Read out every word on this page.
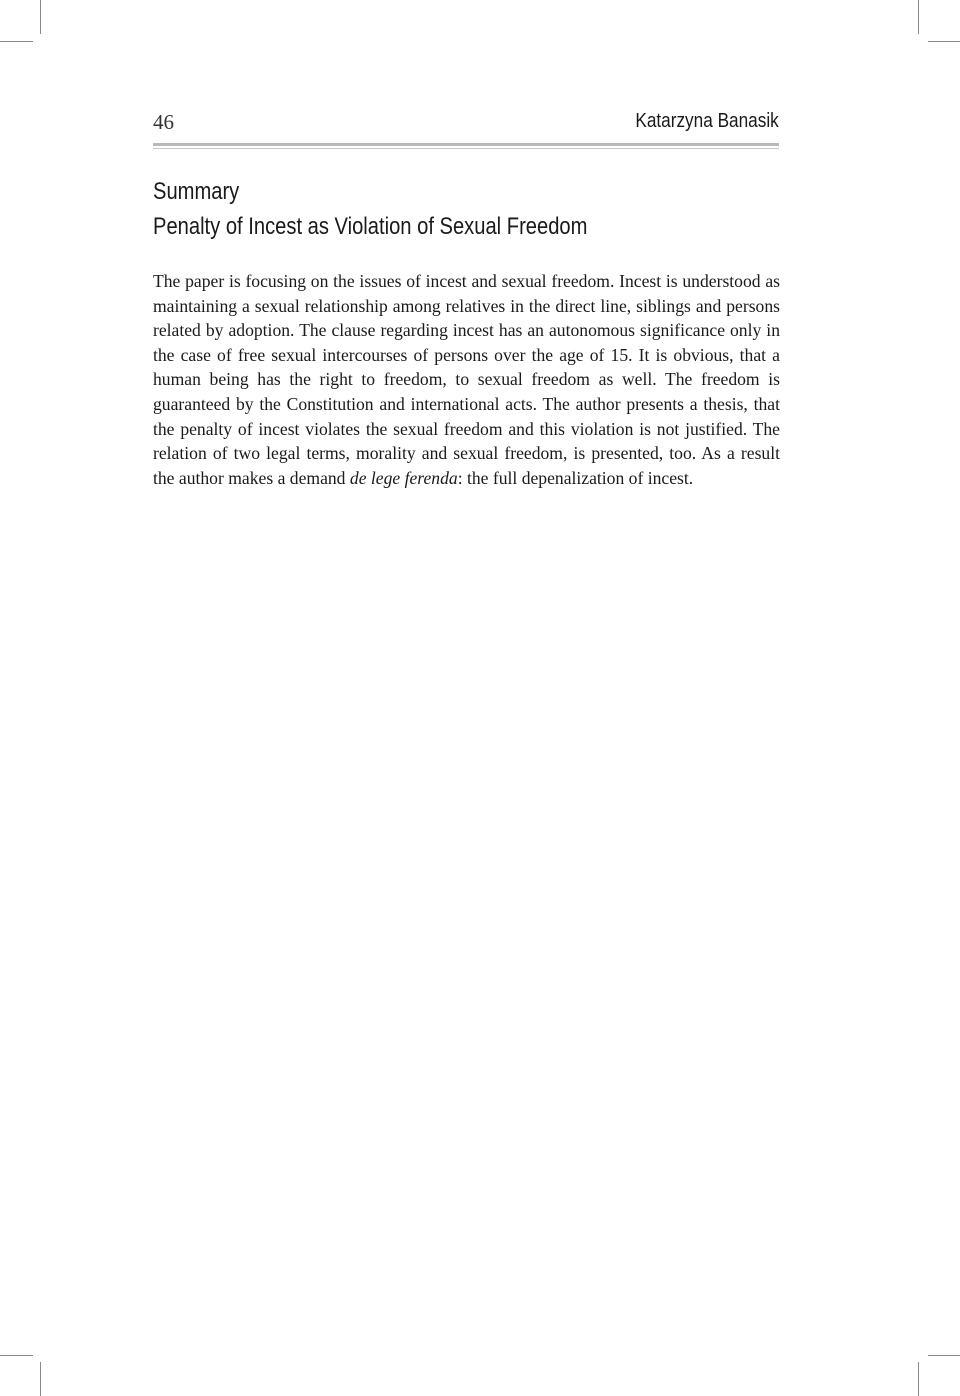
46	Katarzyna Banasik
Summary
Penalty of Incest as Violation of Sexual Freedom
The paper is focusing on the issues of incest and sexual freedom. Incest is understood as maintaining a sexual relationship among relatives in the direct line, siblings and persons related by adoption. The clause regarding incest has an autonomous significance only in the case of free sexual intercourses of persons over the age of 15. It is obvious, that a human being has the right to freedom, to sexual freedom as well. The freedom is guaranteed by the Constitution and international acts. The author presents a thesis, that the penalty of incest violates the sexual freedom and this violation is not justified. The relation of two legal terms, morality and sexual freedom, is presented, too. As a result the author makes a demand de lege ferenda: the full depenalization of incest.
